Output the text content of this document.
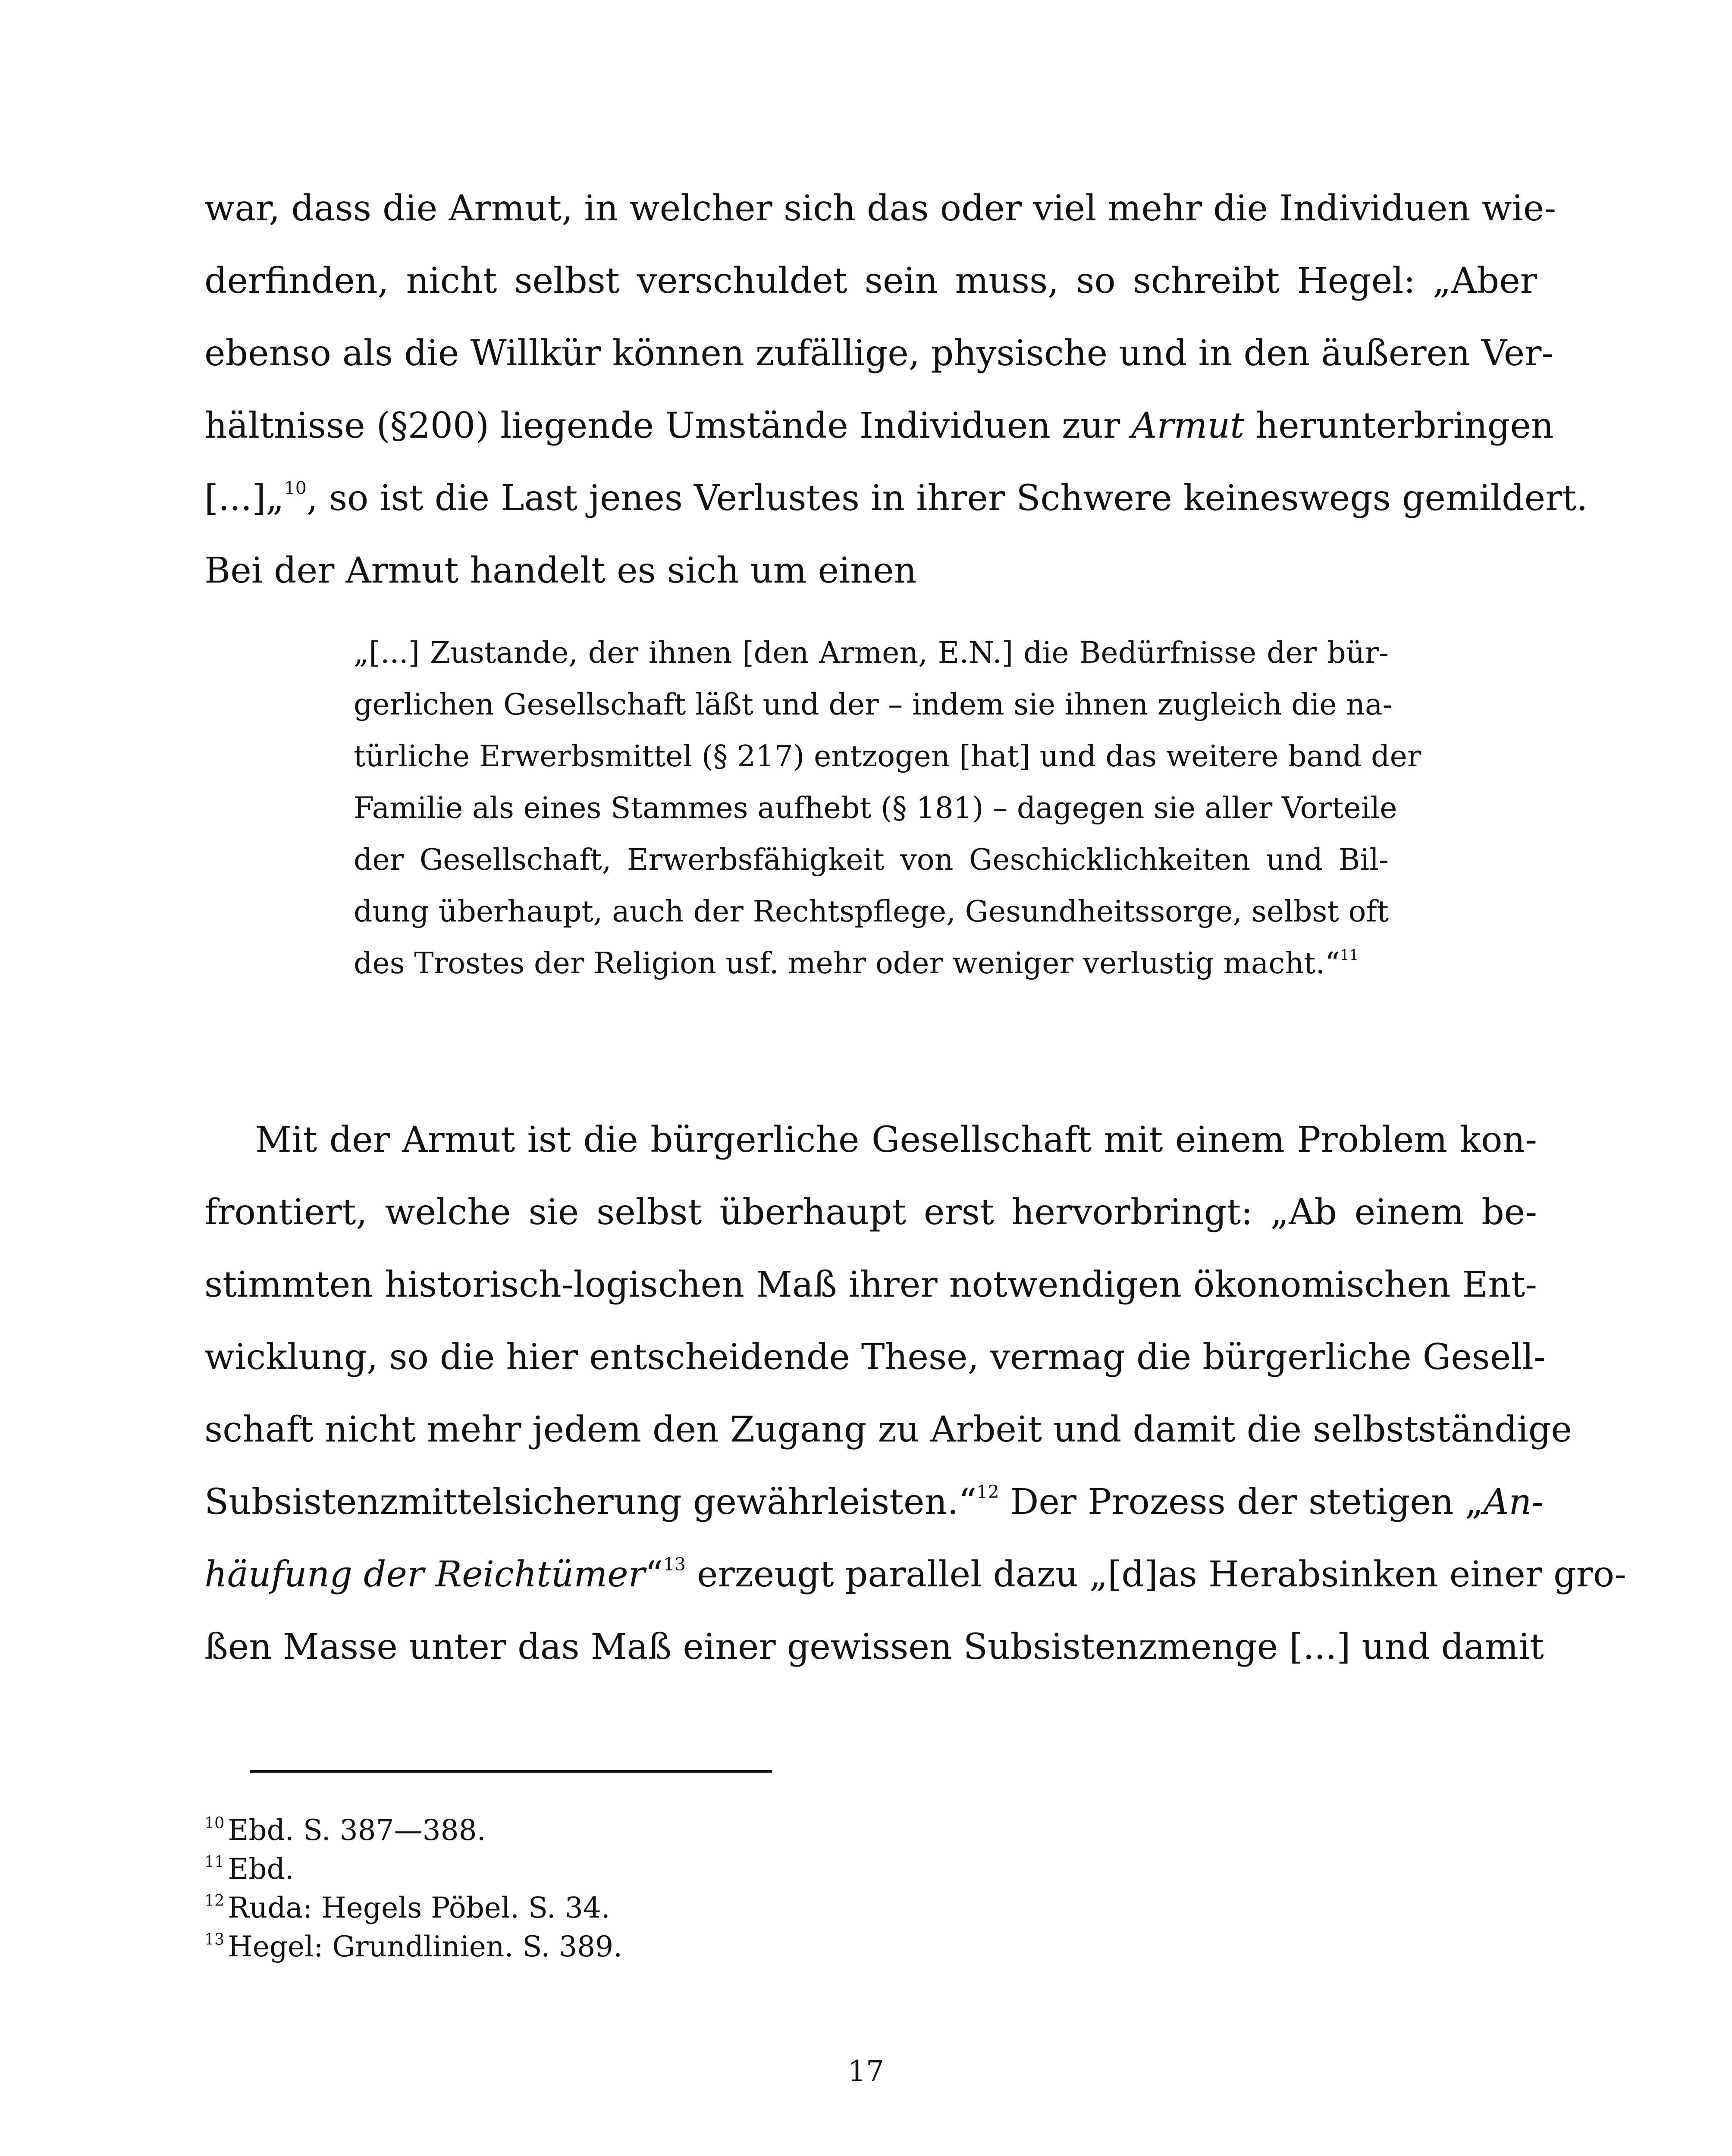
war, dass die Armut, in welcher sich das oder viel mehr die Individuen wie-
derfinden, nicht selbst verschuldet sein muss, so schreibt Hegel: „Aber
ebenso als die Willkür können zufällige, physische und in den äußeren Ver-
hältnisse (§200) liegende Umstände Individuen zur Armut herunterbringen
[...]„$^{10}$, so ist die Last jenes Verlustes in ihrer Schwere keineswegs gemildert.
Bei der Armut handelt es sich um einen

„[...] Zustande, der ihnen [den Armen, E.N.] die Bedürfnisse der bür-
gerlichen Gesellschaft läßt und der – indem sie ihnen zugleich die na-
türliche Erwerbsmittel (§ 217) entzogen [hat] und das weitere band der
Familie als eines Stammes aufhebt (§ 181) – dagegen sie aller Vorteile
der Gesellschaft, Erwerbsfähigkeit von Geschicklichkeiten und Bil-
dung überhaupt, auch der Rechtspflege, Gesundheitssorge, selbst oft
des Trostes der Religion usf. mehr oder weniger verlustig macht.“$^{11}$

Mit der Armut ist die bürgerliche Gesellschaft mit einem Problem kon-
frontiert, welche sie selbst überhaupt erst hervorbringt: „Ab einem be-
stimmten historisch-logischen Maß ihrer notwendigen ökonomischen Ent-
wicklung, so die hier entscheidende These, vermag die bürgerliche Gesell-
schaft nicht mehr jedem den Zugang zu Arbeit und damit die selbstständige
Subsistenzmittelsicherung gewährleisten.“$^{12}$ Der Prozess der stetigen „An-
häufung der Reichtümer“$^{13}$ erzeugt parallel dazu „[d]as Herabsinken einer gro-
ßen Masse unter das Maß einer gewissen Subsistenzmenge [...] und damit

$^{10}$ Ebd. S. 387—388.
$^{11}$ Ebd.
$^{12}$ Ruda: Hegels Pöbel. S. 34.
$^{13}$ Hegel: Grundlinien. S. 389.
17
